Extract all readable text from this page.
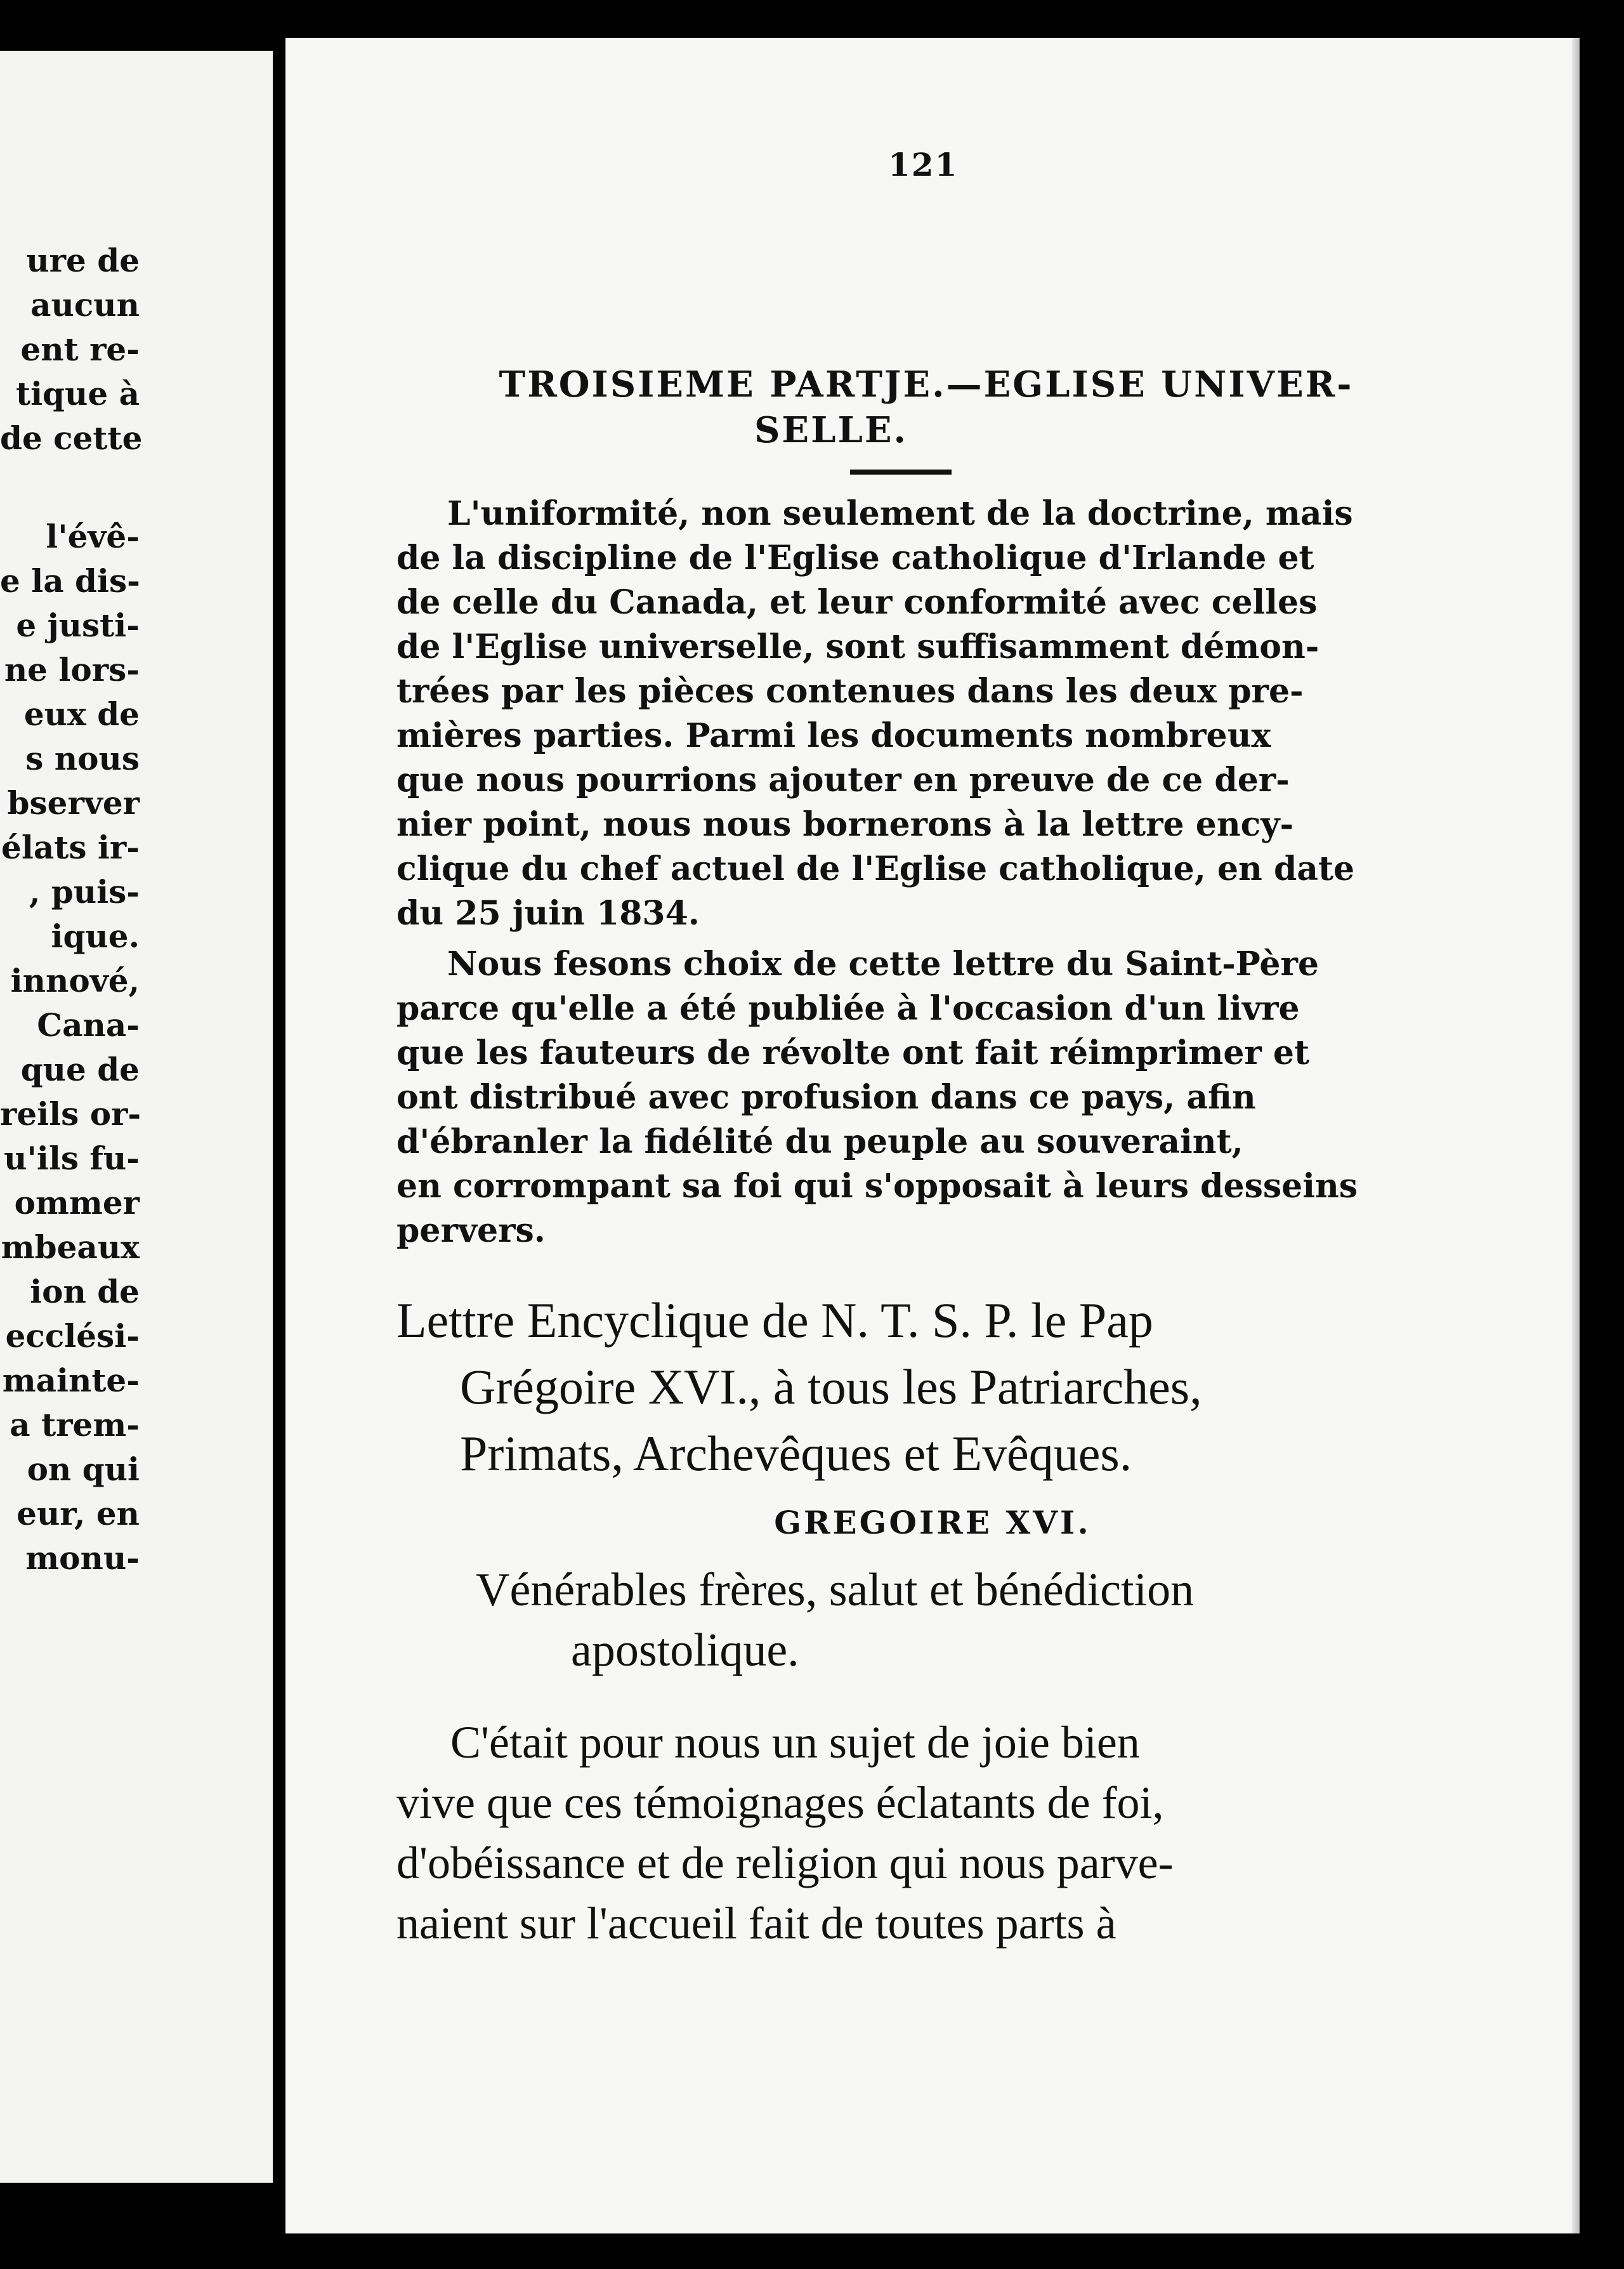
ure de
aucun
ent re-
tique à
de cette
l'évê-
e la dis-
e justi-
ne lors-
eux de
s nous
bserver
élats ir-
, puis-
ique.
innové,
Cana-
que de
reils or-
u'ils fu-
ommer
mbeaux
ion de
ecclési-
mainte-
a trem-
on qui
eur, en
monu-
121
TROISIEME PARTJE.—EGLISE UNIVER-
SELLE.
L'uniformité, non seulement de la doctrine, mais
de la discipline de l'Eglise catholique d'Irlande et
de celle du Canada, et leur conformité avec celles
de l'Eglise universelle, sont suffisamment démon-
trées par les pièces contenues dans les deux pre-
mières parties. Parmi les documents nombreux
que nous pourrions ajouter en preuve de ce der-
nier point, nous nous bornerons à la lettre ency-
clique du chef actuel de l'Eglise catholique, en date
du 25 juin 1834.
Nous fesons choix de cette lettre du Saint-Père
parce qu'elle a été publiée à l'occasion d'un livre
que les fauteurs de révolte ont fait réimprimer et
ont distribué avec profusion dans ce pays, afin
d'ébranler la fidélité du peuple au souveraint,
en corrompant sa foi qui s'opposait à leurs desseins
pervers.
Lettre Encyclique de N. T. S. P. le Pap
Grégoire XVI., à tous les Patriarches,
Primats, Archevêques et Evêques.
GREGOIRE XVI.
Vénérables frères, salut et bénédiction
apostolique.
C'était pour nous un sujet de joie bien
vive que ces témoignages éclatants de foi,
d'obéissance et de religion qui nous parve-
naient sur l'accueil fait de toutes parts à
